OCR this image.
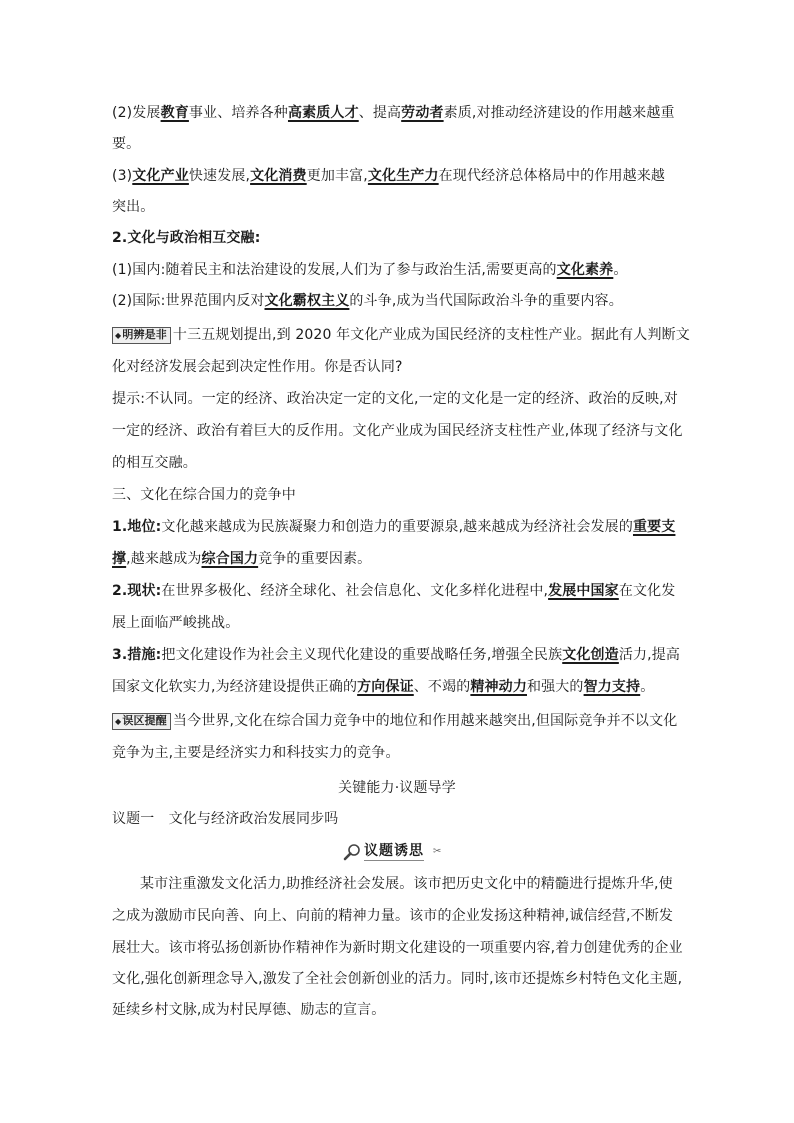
(2)发展教育事业、培养各种高素质人才、提高劳动者素质,对推动经济建设的作用越来越重
要。
(3)文化产业快速发展,文化消费更加丰富,文化生产力在现代经济总体格局中的作用越来越
突出。
2.文化与政治相互交融:
(1)国内:随着民主和法治建设的发展,人们为了参与政治生活,需要更高的文化素养。
(2)国际:世界范围内反对文化霸权主义的斗争,成为当代国际政治斗争的重要内容。
◆明辨是非 十三五规划提出,到 2020 年文化产业成为国民经济的支柱性产业。据此有人判断文
化对经济发展会起到决定性作用。你是否认同?
提示:不认同。一定的经济、政治决定一定的文化,一定的文化是一定的经济、政治的反映,对
一定的经济、政治有着巨大的反作用。文化产业成为国民经济支柱性产业,体现了经济与文化
的相互交融。
三、文化在综合国力的竞争中
1.地位:文化越来越成为民族凝聚力和创造力的重要源泉,越来越成为经济社会发展的重要支
撑,越来越成为综合国力竞争的重要因素。
2.现状:在世界多极化、经济全球化、社会信息化、文化多样化进程中,发展中国家在文化发
展上面临严峻挑战。
3.措施:把文化建设作为社会主义现代化建设的重要战略任务,增强全民族文化创造活力,提高
国家文化软实力,为经济建设提供正确的方向保证、不竭的精神动力和强大的智力支持。
◆误区提醒 当今世界,文化在综合国力竞争中的地位和作用越来越突出,但国际竞争并不以文化
竞争为主,主要是经济实力和科技实力的竞争。
关键能力·议题导学
议题一　文化与经济政治发展同步吗
议题诱思 ✂
某市注重激发文化活力,助推经济社会发展。该市把历史文化中的精髓进行提炼升华,使
之成为激励市民向善、向上、向前的精神力量。该市的企业发扬这种精神,诚信经营,不断发
展壮大。该市将弘扬创新协作精神作为新时期文化建设的一项重要内容,着力创建优秀的企业
文化,强化创新理念导入,激发了全社会创新创业的活力。同时,该市还提炼乡村特色文化主题,
延续乡村文脉,成为村民厚德、励志的宣言。
